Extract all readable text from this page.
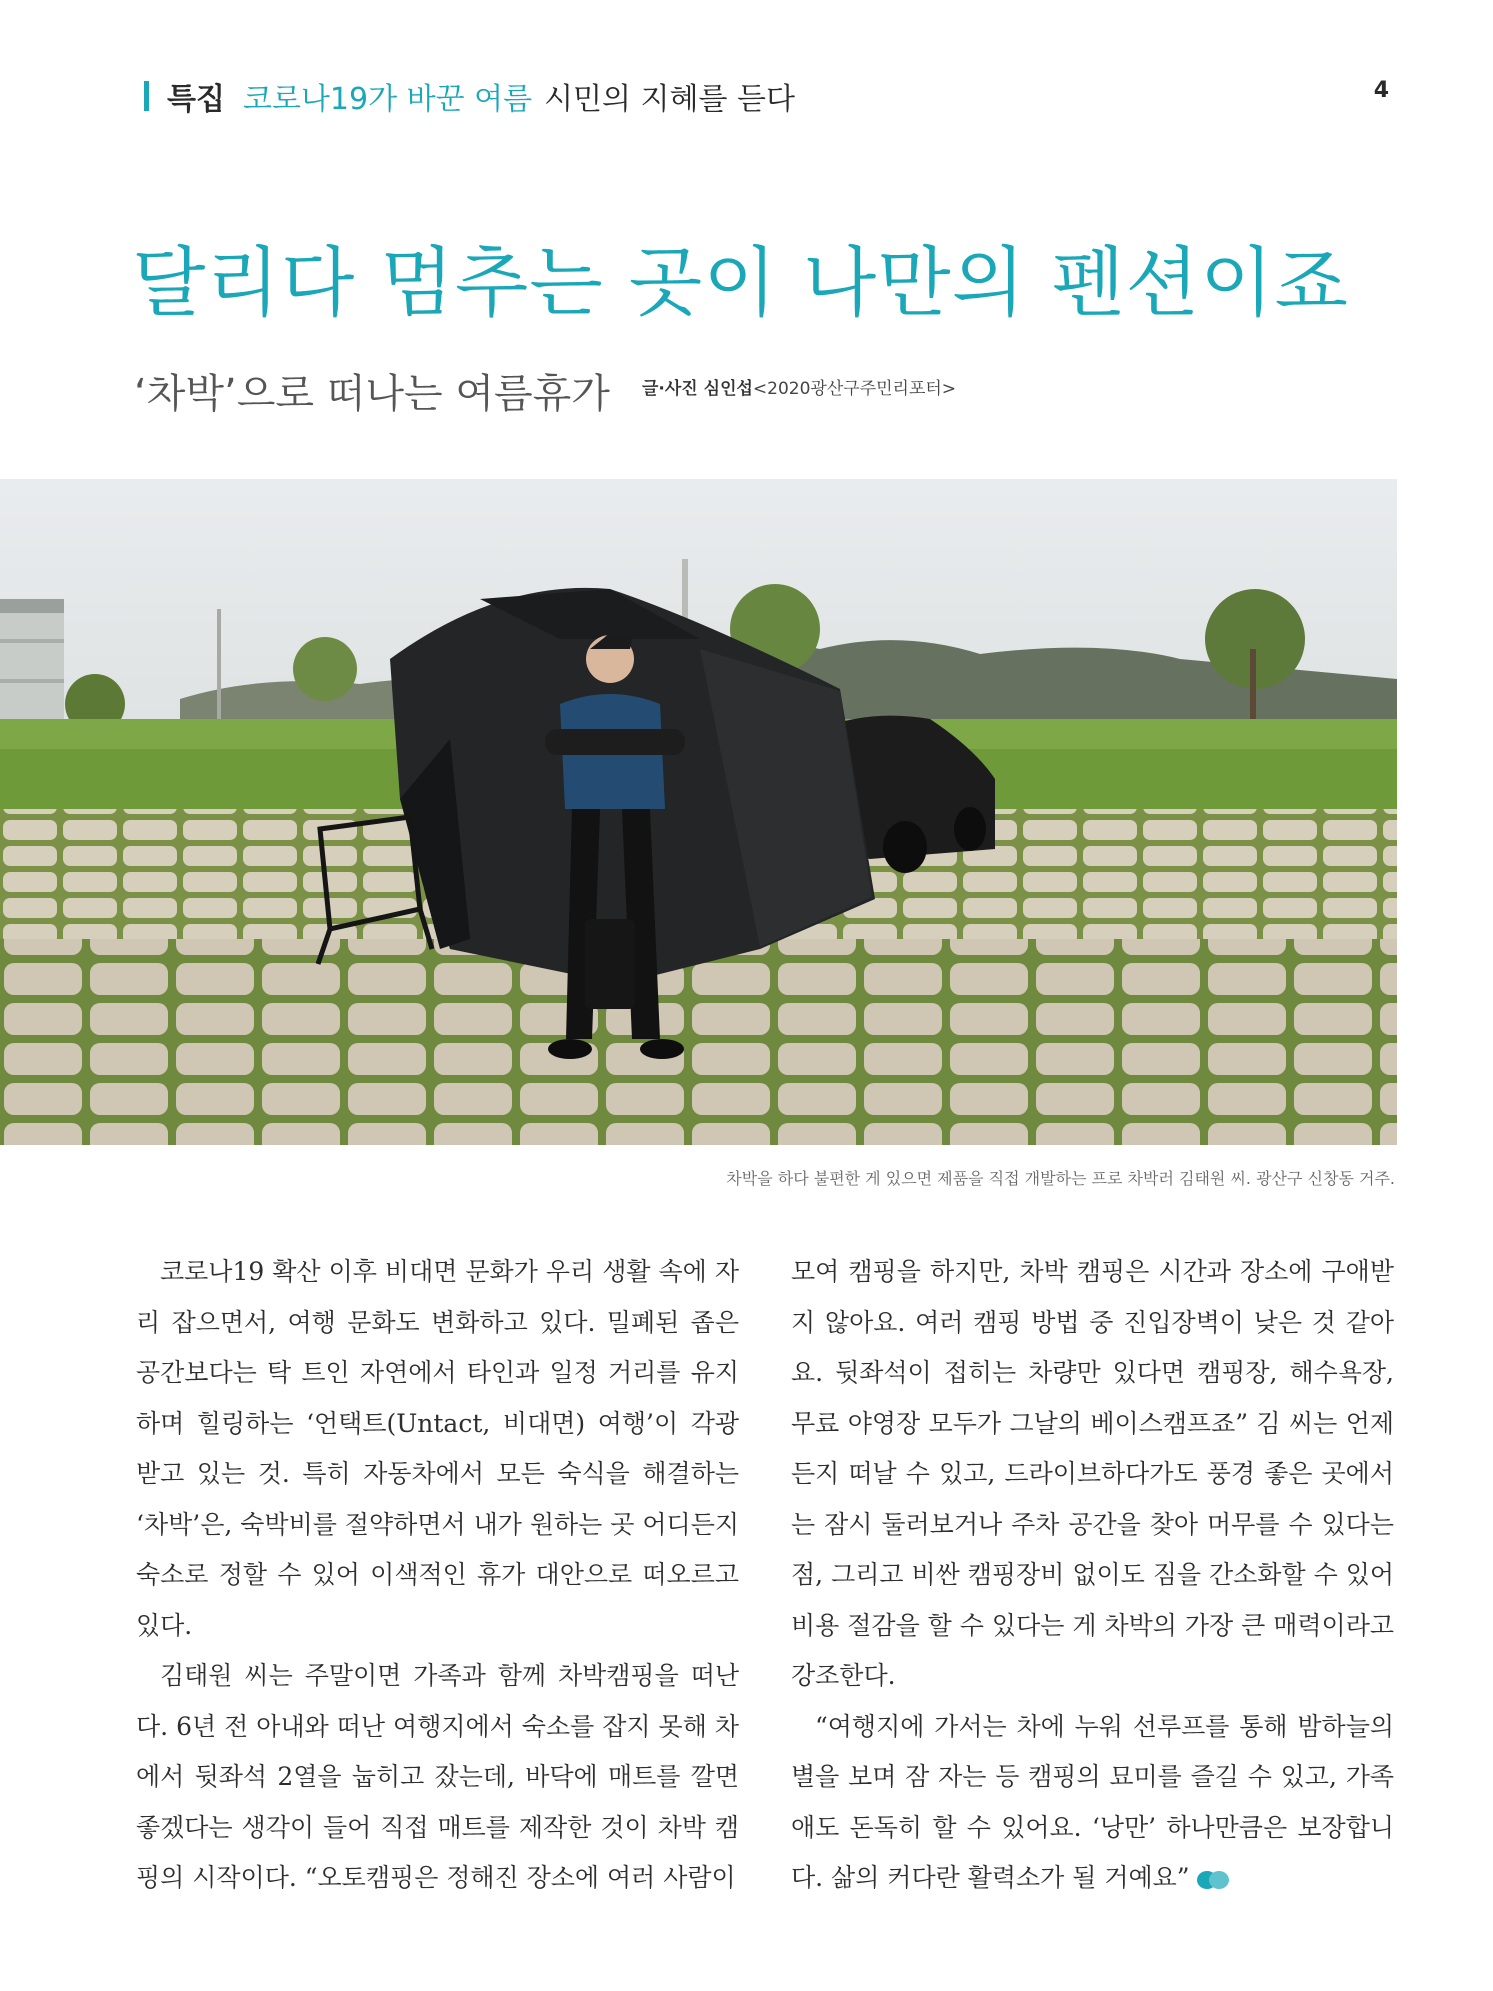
특집 코로나19가 바꾼 여름 시민의 지혜를 듣다	4
달리다 멈추는 곳이 나만의 펜션이죠
‘차박’으로 떠나는 여름휴가 글·사진 심인섭<2020광산구주민리포터>
차박을 하다 불편한 게 있으면 제품을 직접 개발하는 프로 차박러 김태원 씨. 광산구 신창동 거주.

코로나19 확산 이후 비대면 문화가 우리 생활 속에 자리 잡으면서, 여행 문화도 변화하고 있다. 밀폐된 좁은 공간보다는 탁 트인 자연에서 타인과 일정 거리를 유지하며 힐링하는 ‘언택트(Untact, 비대면) 여행’이 각광받고 있는 것. 특히 자동차에서 모든 숙식을 해결하는 ‘차박’은, 숙박비를 절약하면서 내가 원하는 곳 어디든지 숙소로 정할 수 있어 이색적인 휴가 대안으로 떠오르고 있다.

김태원 씨는 주말이면 가족과 함께 차박캠핑을 떠난다. 6년 전 아내와 떠난 여행지에서 숙소를 잡지 못해 차에서 뒷좌석 2열을 눕히고 잤는데, 바닥에 매트를 깔면 좋겠다는 생각이 들어 직접 매트를 제작한 것이 차박 캠핑의 시작이다. “오토캠핑은 정해진 장소에 여러 사람이

모여 캠핑을 하지만, 차박 캠핑은 시간과 장소에 구애받지 않아요. 여러 캠핑 방법 중 진입장벽이 낮은 것 같아요. 뒷좌석이 접히는 차량만 있다면 캠핑장, 해수욕장, 무료 야영장 모두가 그날의 베이스캠프죠” 김 씨는 언제든지 떠날 수 있고, 드라이브하다가도 풍경 좋은 곳에서는 잠시 둘러보거나 주차 공간을 찾아 머무를 수 있다는 점, 그리고 비싼 캠핑장비 없이도 짐을 간소화할 수 있어 비용 절감을 할 수 있다는 게 차박의 가장 큰 매력이라고 강조한다.

“여행지에 가서는 차에 누워 선루프를 통해 밤하늘의 별을 보며 잠 자는 등 캠핑의 묘미를 즐길 수 있고, 가족애도 돈독히 할 수 있어요. ‘낭만’ 하나만큼은 보장합니다. 삶의 커다란 활력소가 될 거예요”
